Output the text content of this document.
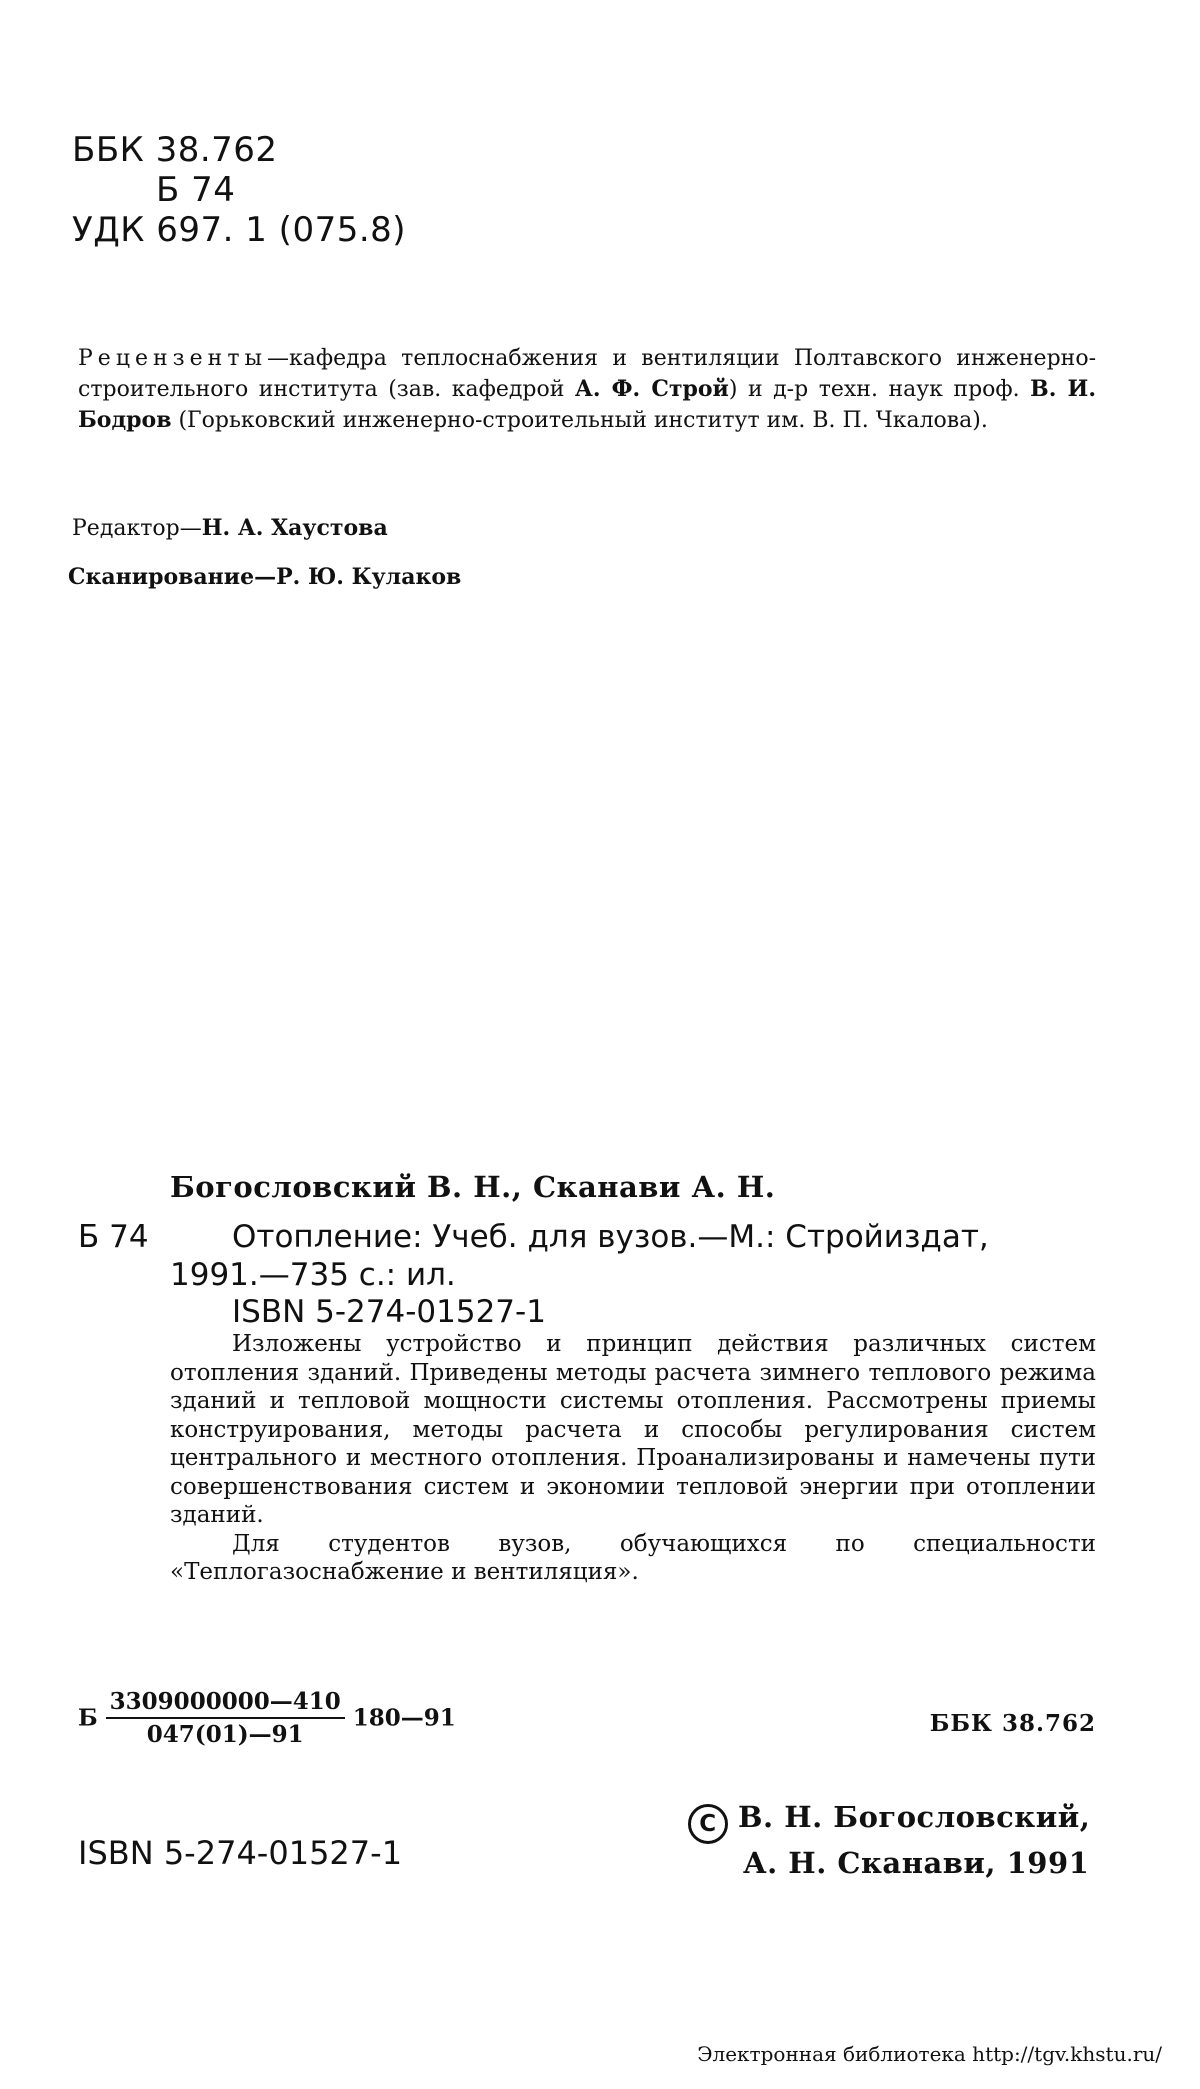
ББК 38.762
Б 74
УДК 697. 1 (075.8)
Рецензенты—кафедра теплоснабжения и вентиляции Полтавского инженерно-строительного института (зав. кафедрой А. Ф. Строй) и д-р техн. наук проф. В. И. Бодров (Горьковский инженерно-строительный институт им. В. П. Чкалова).
Редактор—Н. А. Хаустова
Сканирование—Р. Ю. Кулаков
Богословский В. Н., Сканави А. Н.
Б 74	Отопление: Учеб. для вузов.—М.: Стройиздат,
1991.—735 с.: ил.
ISBN 5-274-01527-1

Изложены устройство и принцип действия различных систем отопления зданий. Приведены методы расчета зимнего теплового режима зданий и тепловой мощности системы отопления. Рассмотрены приемы конструирования, методы расчета и способы регулирования систем центрального и местного отопления. Проанализированы и намечены пути совершенствования систем и экономии тепловой энергии при отоплении зданий.

Для студентов вузов, обучающихся по специальности «Теплогазоснабжение и вентиляция».

Б $\frac{3309000000—410}{047(01)—91}$ 180—91	ББК 38.762
ISBN 5-274-01527-1
C В. Н. Богословский,
А. Н. Сканави, 1991
Электронная библиотека http://tgv.khstu.ru/
